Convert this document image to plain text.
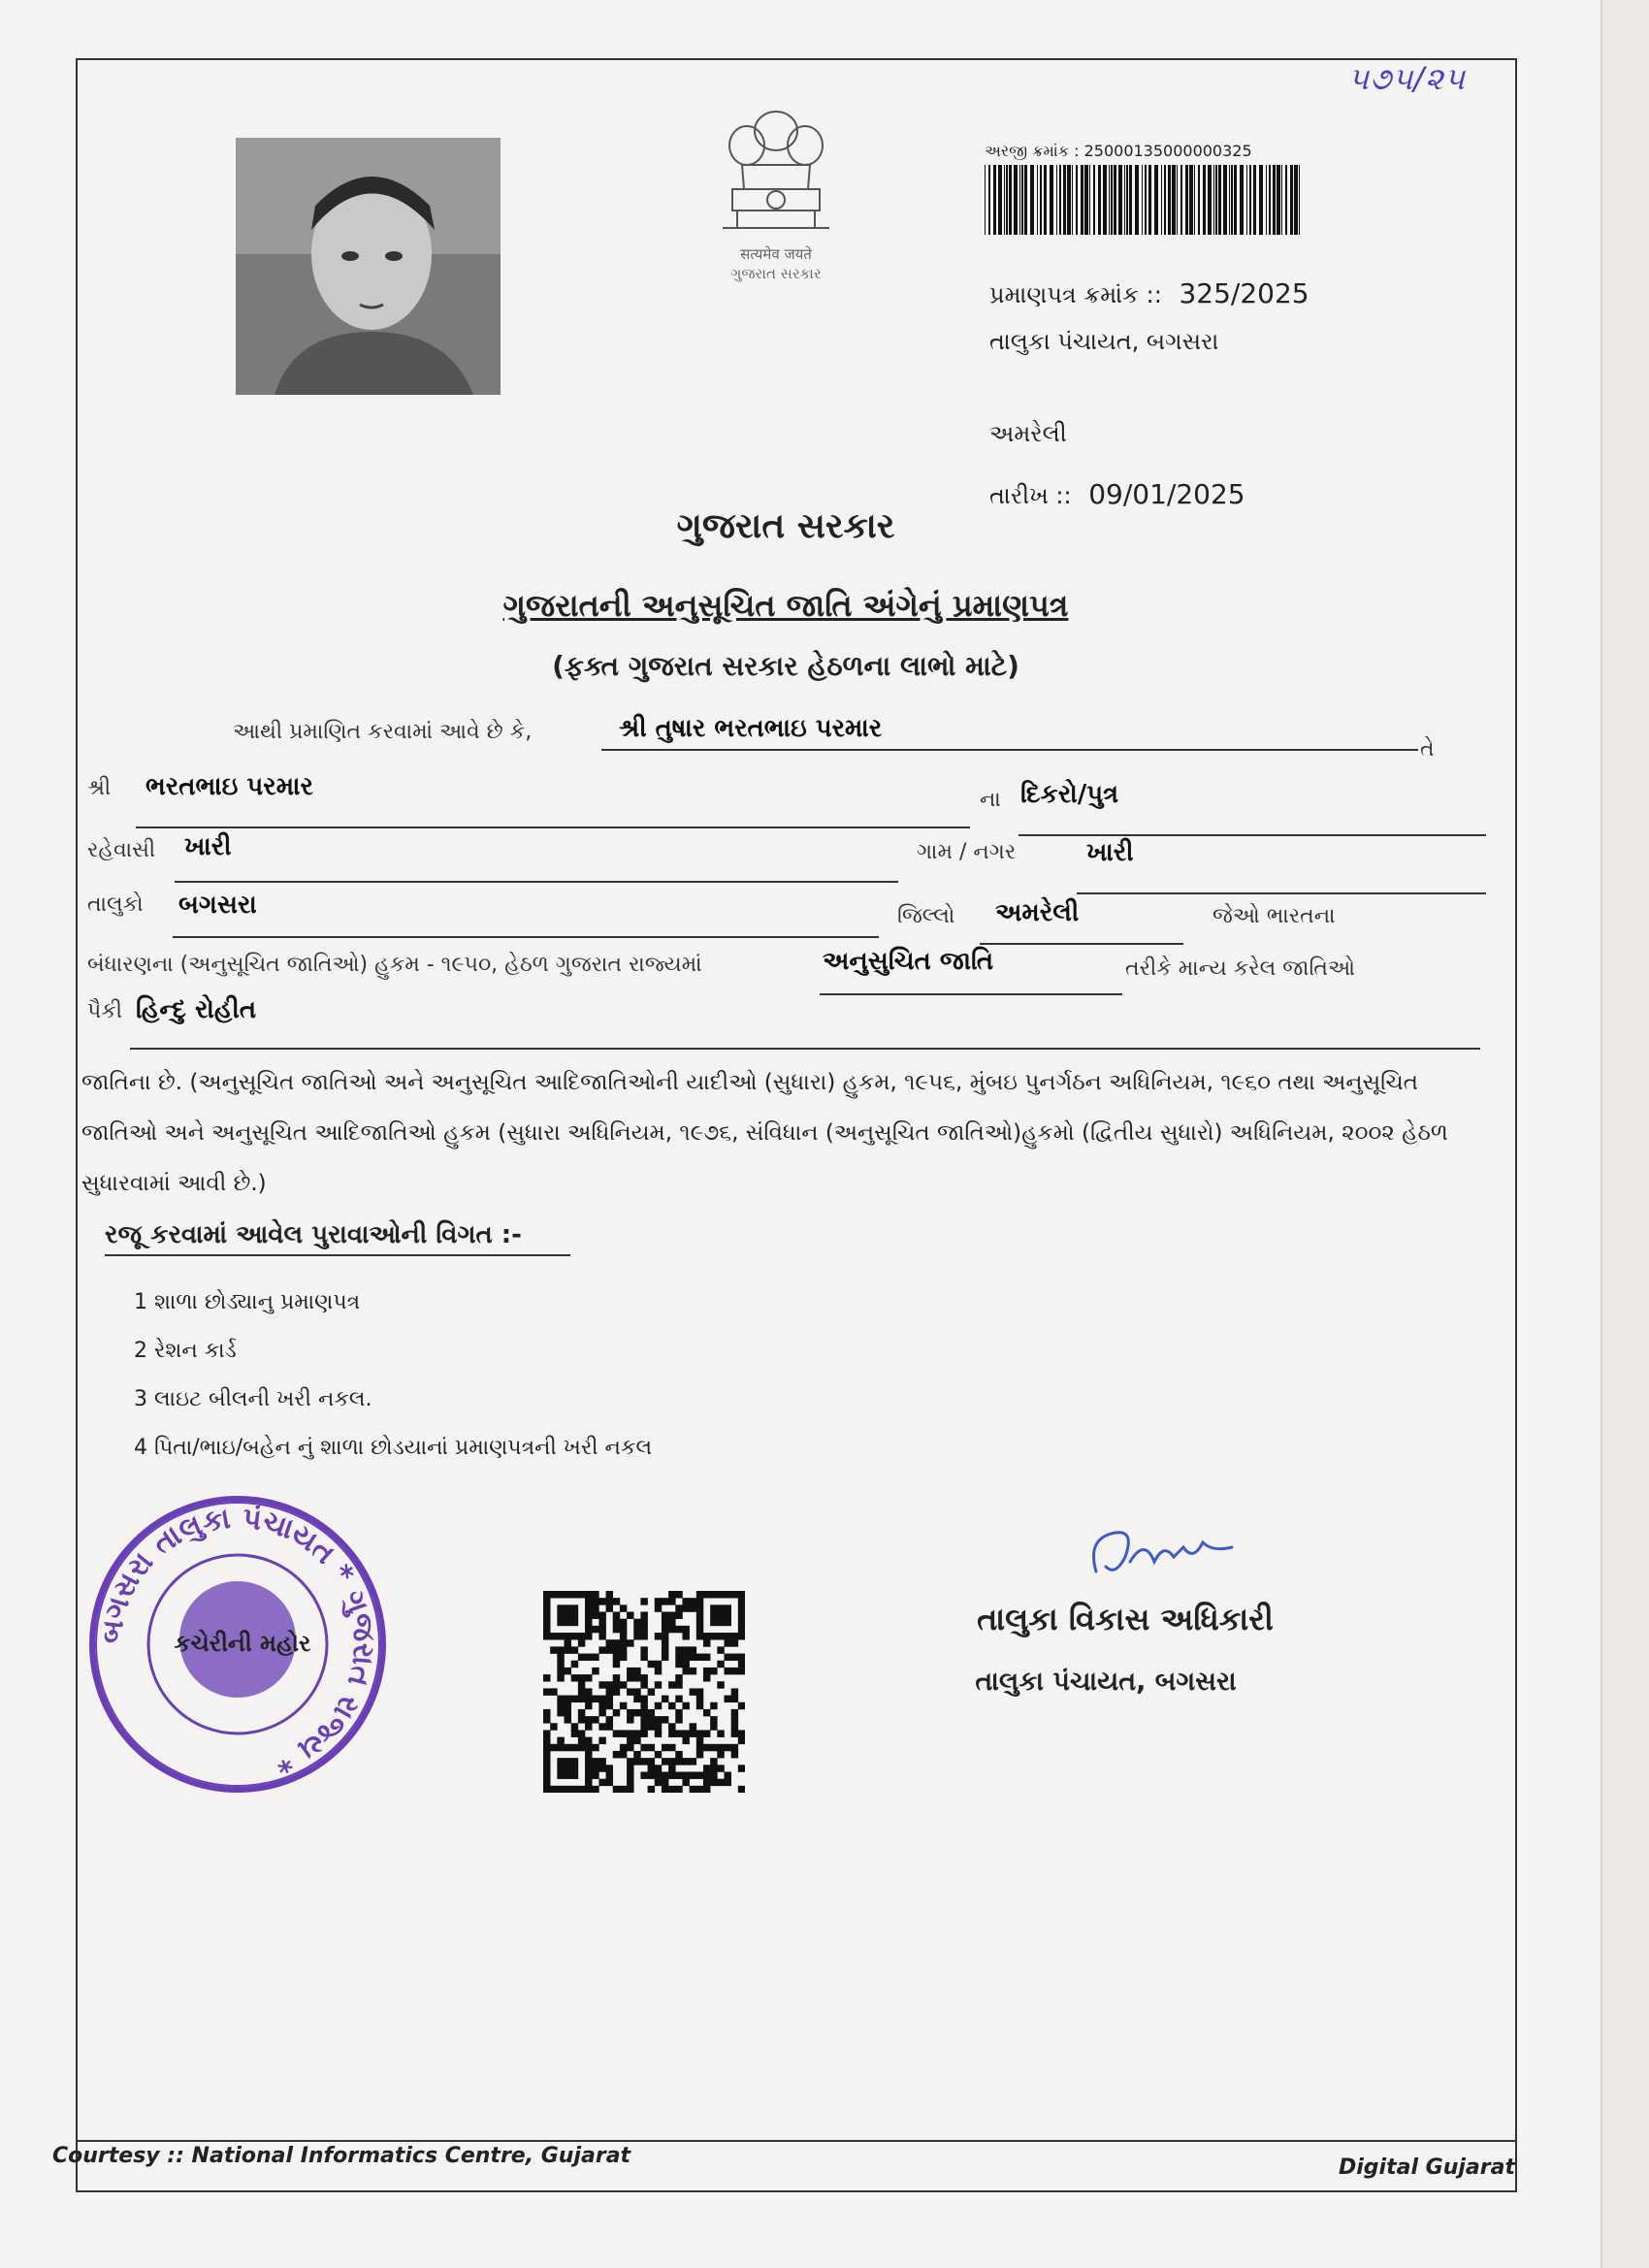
૫૭૫/૨૫
सत्यमेव जयते
ગુજરાત સરકાર
અરજી ક્રમાંક : 25000135000000325
પ્રમાણપત્ર ક્રમાંક :: 325/2025
તાલુકા પંચાયત, બગસરા
અમરેલી
તારીખ :: 09/01/2025
ગુજરાત સરકાર
ગુજરાતની અનુસૂચિત જાતિ અંગેનું પ્રમાણપત્ર
(ફક્ત ગુજરાત સરકાર હેઠળના લાભો માટે)
આથી પ્રમાણિત કરવામાં આવે છે કે,	શ્રી તુષાર ભરતભાઇ પરમાર
તે
શ્રી ભરતભાઇ પરમાર	ના દિકરો/પુત્ર
રહેવાસી ખારી	ગામ / નગર	ખારી
તાલુકો બગસરા	જિલ્લો અમરેલી	જેઓ ભારતના
બંધારણના (અનુસૂચિત જાતિઓ) હુકમ - ૧૯૫૦, હેઠળ ગુજરાત રાજ્યમાં	અનુસુચિત જાતિ	તરીકે માન્ય કરેલ જાતિઓ
પૈકી હિન્દુ રોહીત
જાતિના છે. (અનુસૂચિત જાતિઓ અને અનુસૂચિત આદિજાતિઓની યાદીઓ (સુધારા) હુકમ, ૧૯૫૬, મુંબઇ પુનર્ગઠન અધિનિયમ, ૧૯૬૦ તથા અનુસૂચિત જાતિઓ અને અનુસૂચિત આદિજાતિઓ હુકમ (સુધારા અધિનિયમ, ૧૯૭૬, સંવિધાન (અનુસૂચિત જાતિઓ)હુકમો (દ્વિતીય સુધારો) અધિનિયમ, ૨૦૦૨ હેઠળ સુધારવામાં આવી છે.)
રજૂ કરવામાં આવેલ પુરાવાઓની વિગત :-
1 શાળા છોડ્યાનુ પ્રમાણપત્ર
2 રેશન કાર્ડ
3 લાઇટ બીલની ખરી નકલ.
4 પિતા/ભાઇ/બહેન નું શાળા છોડયાનાં પ્રમાણપત્રની ખરી નકલ
બગસરા તાલુકા પંચાયત * ગુજરાત રાજ્ય *
કચેરીની મહોર
તાલુકા વિકાસ અધિકારી
તાલુકા પંચાયત, બગસરા
Courtesy :: National Informatics Centre, Gujarat	Digital Gujarat
